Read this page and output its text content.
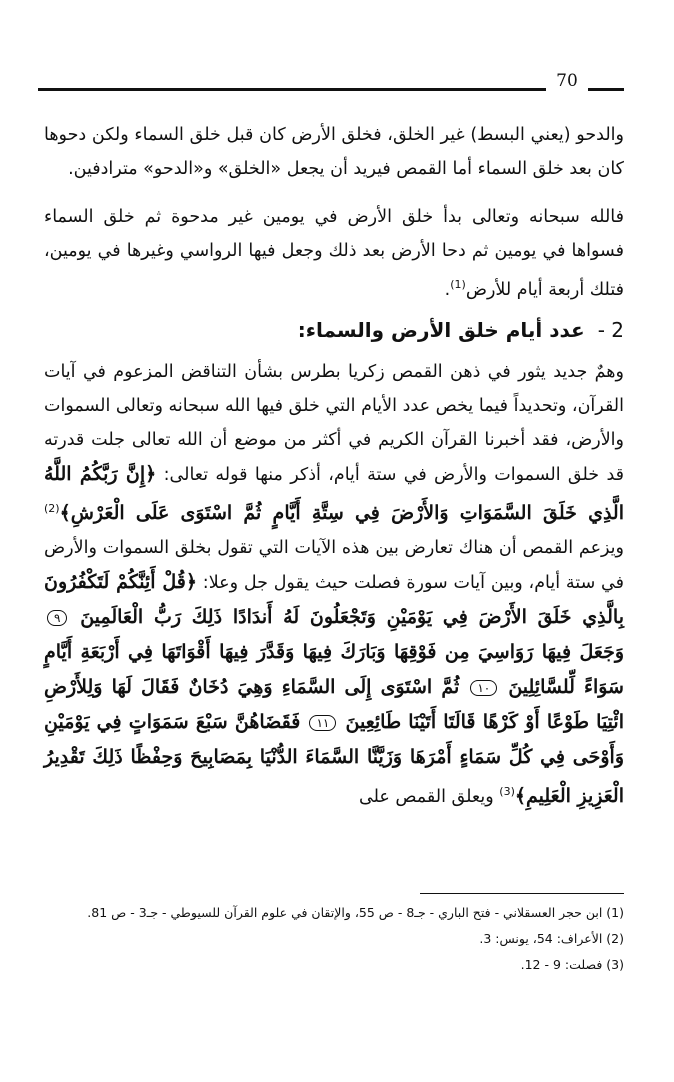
70

والدحو (يعني البسط) غير الخلق، فخلق الأرض كان قبل خلق السماء ولكن دحوها كان بعد خلق السماء أما القمص فيريد أن يجعل «الخلق» و«الدحو» مترادفين.

فالله سبحانه وتعالى بدأ خلق الأرض في يومين غير مدحوة ثم خلق السماء فسواها في يومين ثم دحا الأرض بعد ذلك وجعل فيها الرواسي وغيرها في يومين، فتلك أربعة أيام للأرض$^{(1)}$.

2 - عدد أيام خلق الأرض والسماء:

وهمٌ جديد يثور في ذهن القمص زكريا بطرس بشأن التناقض المزعوم في آيات القرآن، وتحديداً فيما يخص عدد الأيام التي خلق فيها الله سبحانه وتعالى السموات والأرض، فقد أخبرنا القرآن الكريم في أكثر من موضع أن الله تعالى جلت قدرته قد خلق السموات والأرض في ستة أيام، أذكر منها قوله تعالى: ﴿إِنَّ رَبَّكُمُ اللَّهُ الَّذِي خَلَقَ السَّمَوَاتِ وَالأَرْضَ فِي سِتَّةِ أَيَّامٍ ثُمَّ اسْتَوَى عَلَى الْعَرْشِ﴾$^{(2)}$ ويزعم القمص أن هناك تعارض بين هذه الآيات التي تقول بخلق السموات والأرض في ستة أيام، وبين آيات سورة فصلت حيث يقول جل وعلا: ﴿قُلْ أَئِنَّكُمْ لَتَكْفُرُونَ بِالَّذِي خَلَقَ الأَرْضَ فِي يَوْمَيْنِ وَتَجْعَلُونَ لَهُ أَندَادًا ذَلِكَ رَبُّ الْعَالَمِينَ ٩ وَجَعَلَ فِيهَا رَوَاسِيَ مِن فَوْقِهَا وَبَارَكَ فِيهَا وَقَدَّرَ فِيهَا أَقْوَاتَهَا فِي أَرْبَعَةِ أَيَّامٍ سَوَاءً لِّلسَّائِلِينَ ١٠ ثُمَّ اسْتَوَى إِلَى السَّمَاءِ وَهِيَ دُخَانٌ فَقَالَ لَهَا وَلِلأَرْضِ ائْتِيَا طَوْعًا أَوْ كَرْهًا قَالَتَا أَتَيْنَا طَائِعِينَ ١١ فَقَضَاهُنَّ سَبْعَ سَمَوَاتٍ فِي يَوْمَيْنِ وَأَوْحَى فِي كُلِّ سَمَاءٍ أَمْرَهَا وَزَيَّنَّا السَّمَاءَ الدُّنْيَا بِمَصَابِيحَ وَحِفْظًا ذَلِكَ تَقْدِيرُ الْعَزِيزِ الْعَلِيمِ﴾$^{(3)}$ ويعلق القمص على

(1) ابن حجر العسقلاني - فتح الباري - جـ8 - ص 55، والإتقان في علوم القرآن للسيوطي - جـ3 - ص 81.

(2) الأعراف: 54، يونس: 3.

(3) فصلت: 9 - 12.
